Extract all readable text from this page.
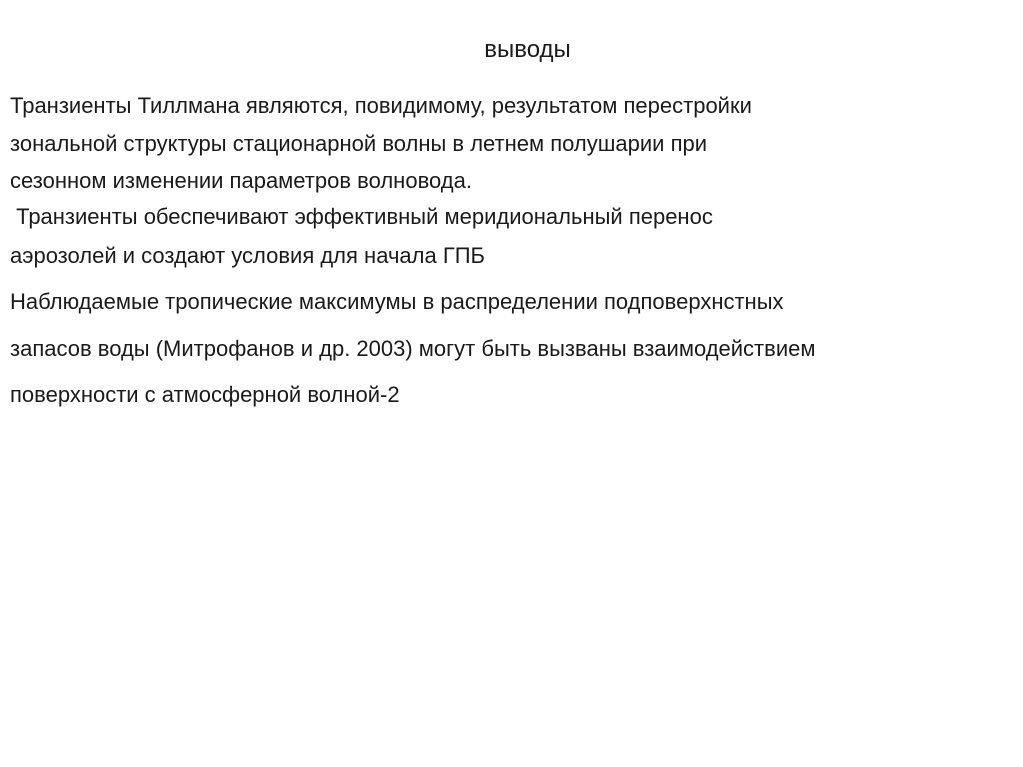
выводы
Транзиенты Тиллмана являются, повидимому, результатом перестройки
зональной структуры стационарной волны в летнем полушарии при
сезонном изменении параметров волновода.
Транзиенты обеспечивают эффективный меридиональный перенос
аэрозолей и создают условия для начала ГПБ
Наблюдаемые тропические максимумы в распределении подповерхнстных
запасов воды (Митрофанов и др. 2003) могут быть вызваны взаимодействием
поверхности с атмосферной волной-2
